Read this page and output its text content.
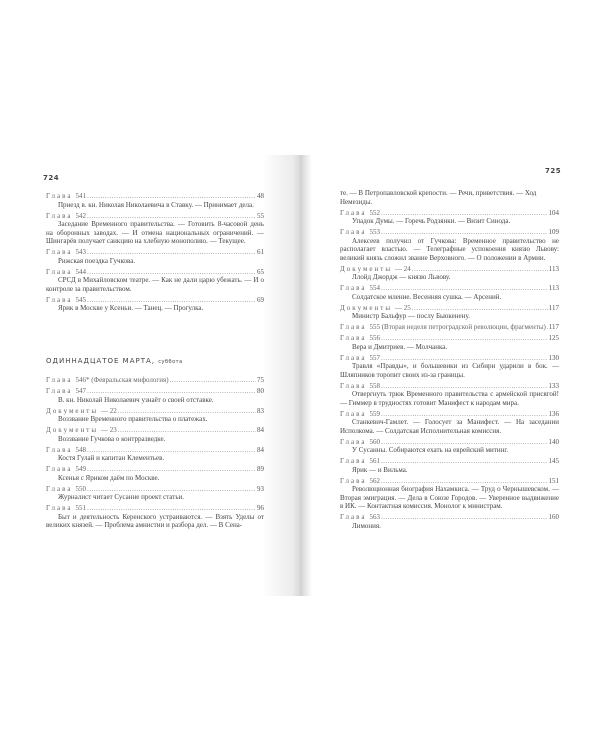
724
725
Глава 541 .....	48
Приезд в. кн. Николая Николаевича в Ставку. — Принимает дела.
Глава 542 .....	55
Заседание Временного правительства. — Готовить 8-часовой день на оборонных заводах. — И отмена национальных ограничений. — Шингарёв получает санкцию на хлебную монополию. — Текущее.
Глава 543 .....	61
Рижская поездка Гучкова.
Глава 544 .....	65
СРСД в Михайловском театре. — Как не дали царю убежать. — И о контроле за правительством.
Глава 545 .....	69
Ярик в Москве у Ксеньи. — Танец. — Прогулка.
ОДИННАДЦАТОЕ МАРТА, суббота
Глава 546* (Февральская мифология) .....	75
Глава 547 .....	80
В. кн. Николай Николаевич узнаёт о своей отставке.
Документы — 22 .....	83
Воззвание Временного правительства о платежах.
Документы — 23 .....	84
Воззвание Гучкова о контрразведке.
Глава 548 .....	84
Костя Гулай и капитан Клементьев.
Глава 549 .....	89
Ксенья с Яриком даём по Москве.
Глава 550 .....	93
Журналист читает Сусанне проект статьи.
Глава 551 .....	96
Быт и деятельность Керенского устраиваются. — Взять Уделы от великих князей. — Проблема амнистии и разбора дел. — В Сена-
те. — В Петропавловской крепости. — Речи, приветствия. — Ход Немезиды.
Глава 552 .....	104
Упадок Думы. — Горечь Родзянки. — Визит Синода.
Глава 553 .....	109
Алексеев получил от Гучкова: Временное правительство не располагает властью. — Телеграфные успокоения князю Львову: великий князь сложил звание Верховного. — О положении в Армии.
Документы — 24 .....	113
Ллойд Джордж — князю Львову.
Глава 554 .....	113
Солдатское мление. Весенняя сушка. — Арсений.
Документы — 25 .....	117
Министр Бальфур — послу Бьюкенену.
Глава 555 (Вторая неделя петроградской революции, фрагменты) ..... 117
Глава 556 .....	125
Вера и Дмитриев. — Молчанка.
Глава 557 .....	130
Травля «Правды», и большевики из Сибири ударили в бок. — Шляпников торопит своих из-за границы.
Глава 558 .....	133
Отвергнуть трюк Временного правительства с армейской присягой! — Гиммер в трудностях готовит Манифест к народам мира.
Глава 559 .....	136
Станкевич-Гамлет. — Голосует за Манифест. — На заседании Исполкома. — Солдатская Исполнительная комиссия.
Глава 560 .....	140
У Сусанны. Собираются ехать на еврейский митинг.
Глава 561 .....	145
Ярик — и Вильма.
Глава 562 .....	151
Революционная биография Нахамкиса. — Труд о Чернышевском. — Вторая эмиграция. — Дела в Союзе Городов. — Уверенное выдвижение в ИК. — Контактная комиссия. Монолог к министрам.
Глава 563 .....	160
Лимония.
